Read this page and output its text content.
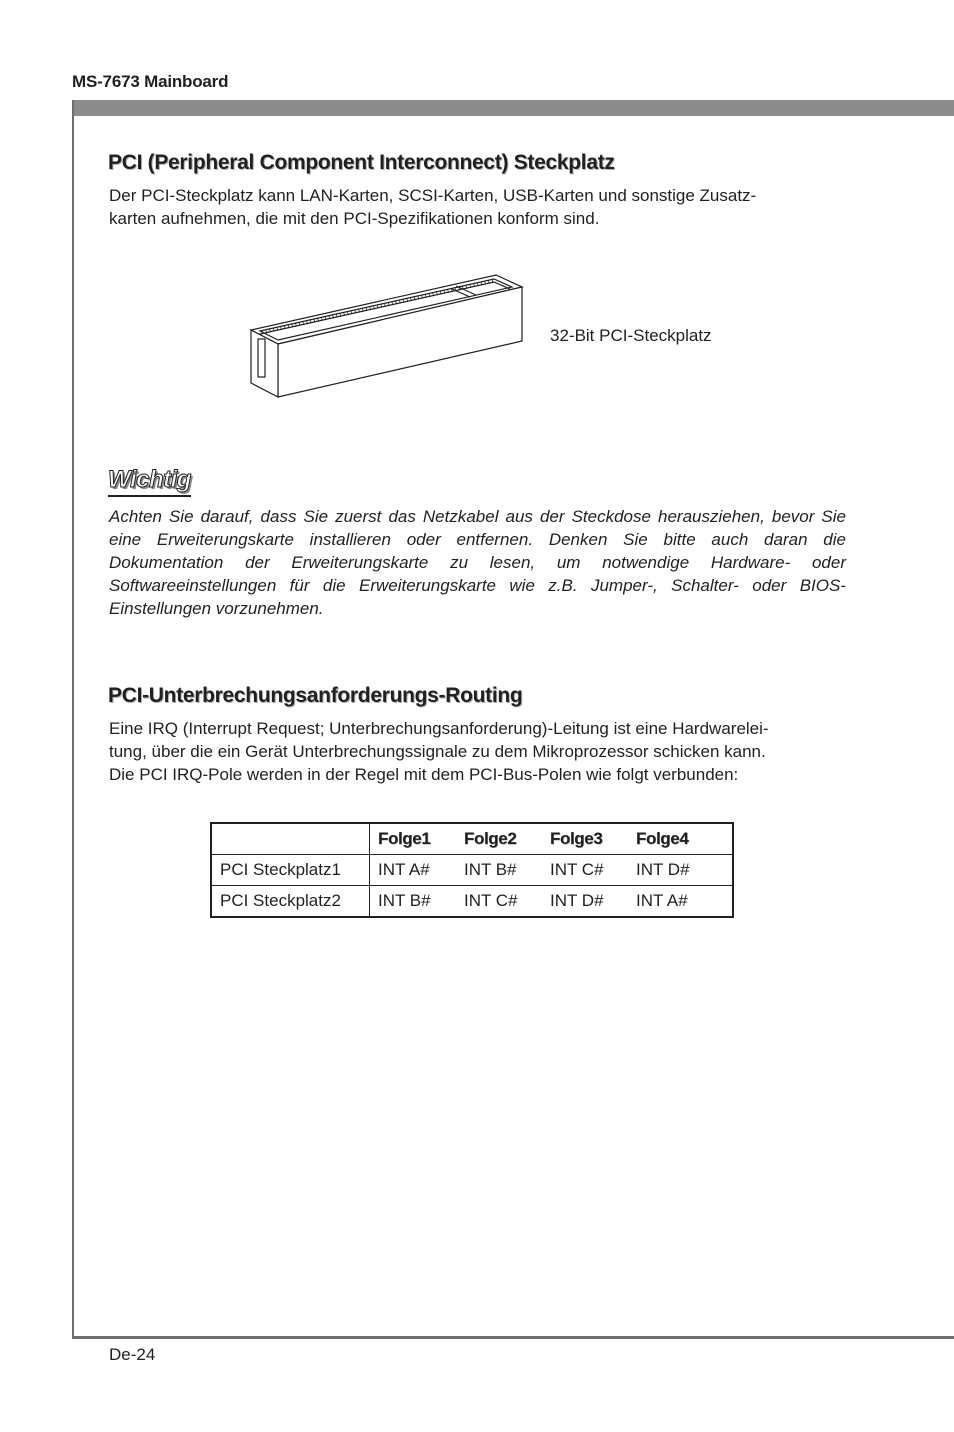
MS-7673 Mainboard
PCI (Peripheral Component Interconnect) Steckplatz

Der PCI-Steckplatz kann LAN-Karten, SCSI-Karten, USB-Karten und sonstige Zusatz-
karten aufnehmen, die mit den PCI-Spezifikationen konform sind.

32-Bit PCI-Steckplatz
Wichtig

Achten Sie darauf, dass Sie zuerst das Netzkabel aus der Steckdose herausziehen, bevor Sie eine Erweiterungskarte installieren oder entfernen. Denken Sie bitte auch daran die Dokumentation der Erweiterungskarte zu lesen, um notwendige Hardware- oder Softwareeinstellungen für die Erweiterungskarte wie z.B. Jumper-, Schalter- oder BIOS-Einstellungen vorzunehmen.

PCI-Unterbrechungsanforderungs-Routing

Eine IRQ (Interrupt Request; Unterbrechungsanforderung)-Leitung ist eine Hardwarelei-
tung, über die ein Gerät Unterbrechungssignale zu dem Mikroprozessor schicken kann.
Die PCI IRQ-Pole werden in der Regel mit dem PCI-Bus-Polen wie folgt verbunden:

	Folge1	Folge2	Folge3	Folge4
PCI Steckplatz1	INT A#	INT B#	INT C#	INT D#
PCI Steckplatz2	INT B#	INT C#	INT D#	INT A#
De-24
